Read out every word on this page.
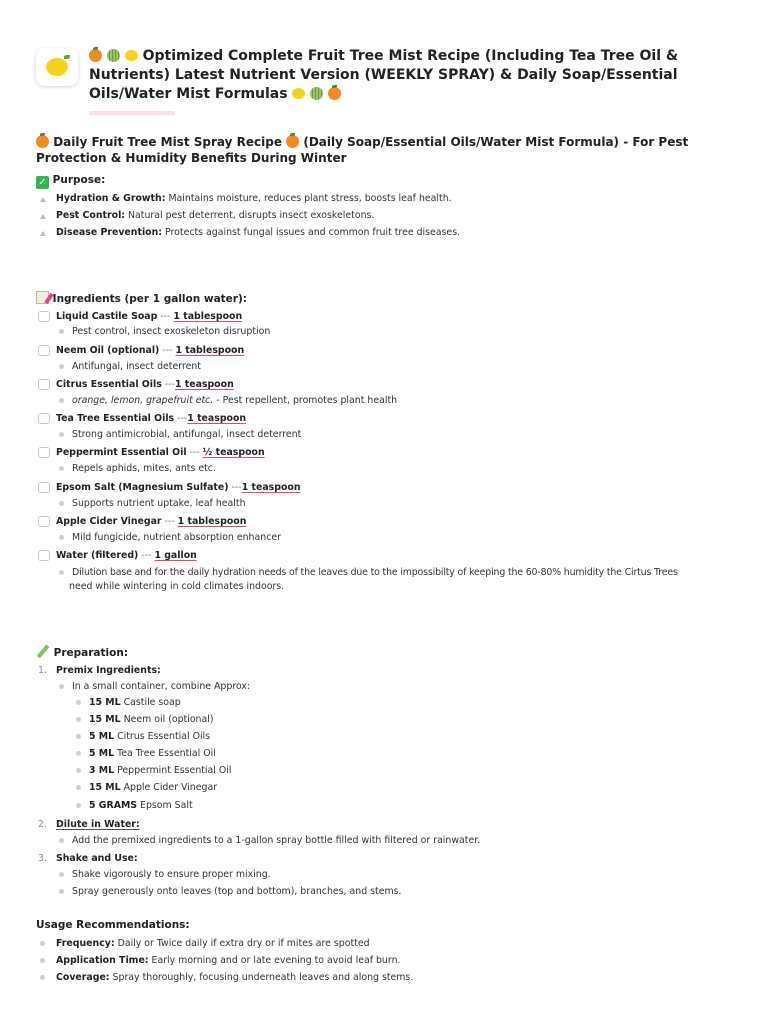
Optimized Complete Fruit Tree Mist Recipe (Including Tea Tree Oil & Nutrients) Latest Nutrient Version (WEEKLY SPRAY) & Daily Soap/Essential Oils/Water Mist Formulas
Daily Fruit Tree Mist Spray Recipe (Daily Soap/Essential Oils/Water Mist Formula) - For Pest Protection & Humidity Benefits During Winter
✓ Purpose:
Hydration & Growth: Maintains moisture, reduces plant stress, boosts leaf health.
Pest Control: Natural pest deterrent, disrupts insect exoskeletons.
Disease Prevention: Protects against fungal issues and common fruit tree diseases.
Ingredients (per 1 gallon water):
Liquid Castile Soap --- 1 tablespoon
Pest control, insect exoskeleton disruption
Neem Oil (optional) --- 1 tablespoon
Antifungal, insect deterrent
Citrus Essential Oils ---1 teaspoon
orange, lemon, grapefruit etc. - Pest repellent, promotes plant health
Tea Tree Essential Oils ---1 teaspoon
Strong antimicrobial, antifungal, insect deterrent
Peppermint Essential Oil --- ½ teaspoon
Repels aphids, mites, ants etc.
Epsom Salt (Magnesium Sulfate) ---1 teaspoon
Supports nutrient uptake, leaf health
Apple Cider Vinegar --- 1 tablespoon
Mild fungicide, nutrient absorption enhancer
Water (filtered) --- 1 gallon
Dilution base and for the daily hydration needs of the leaves due to the impossibilty of keeping the 60-80% humidity the Cirtus Trees
need while wintering in cold climates indoors.
Preparation:
1. Premix Ingredients:
In a small container, combine Approx:
15 ML Castile soap
15 ML Neem oil (optional)
5 ML Citrus Essential Oils
5 ML Tea Tree Essential Oil
3 ML Peppermint Essential Oil
15 ML Apple Cider Vinegar
5 GRAMS Epsom Salt
2. Dilute in Water:
Add the premixed ingredients to a 1-gallon spray bottle filled with filtered or rainwater.
3. Shake and Use:
Shake vigorously to ensure proper mixing.
Spray generously onto leaves (top and bottom), branches, and stems.
Usage Recommendations:
Frequency: Daily or Twice daily if extra dry or if mites are spotted
Application Time: Early morning and or late evening to avoid leaf burn.
Coverage: Spray thoroughly, focusing underneath leaves and along stems.
